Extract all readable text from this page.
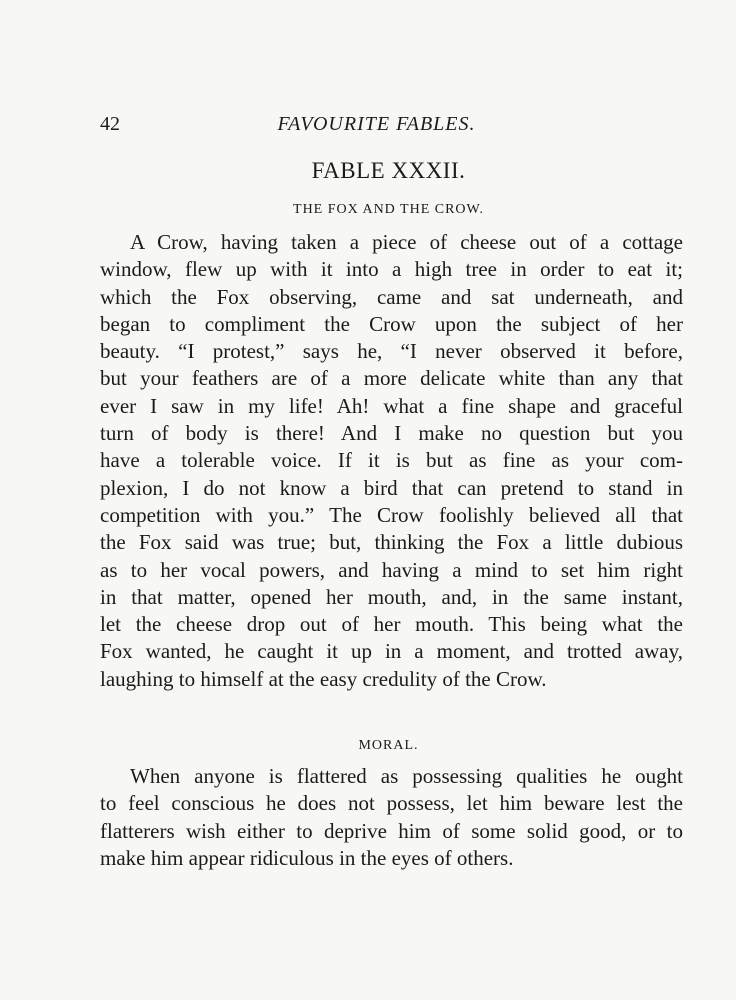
42	FAVOURITE FABLES.
FABLE XXXII.
THE FOX AND THE CROW.
A Crow, having taken a piece of cheese out of a cottage
window, flew up with it into a high tree in order to eat it;
which the Fox observing, came and sat underneath, and
began to compliment the Crow upon the subject of her
beauty. “I protest,” says he, “I never observed it before,
but your feathers are of a more delicate white than any that
ever I saw in my life! Ah! what a fine shape and graceful
turn of body is there! And I make no question but you
have a tolerable voice. If it is but as fine as your com-
plexion, I do not know a bird that can pretend to stand in
competition with you.” The Crow foolishly believed all that
the Fox said was true; but, thinking the Fox a little dubious
as to her vocal powers, and having a mind to set him right
in that matter, opened her mouth, and, in the same instant,
let the cheese drop out of her mouth. This being what the
Fox wanted, he caught it up in a moment, and trotted away,
laughing to himself at the easy credulity of the Crow.
MORAL.
When anyone is flattered as possessing qualities he ought
to feel conscious he does not possess, let him beware lest the
flatterers wish either to deprive him of some solid good, or to
make him appear ridiculous in the eyes of others.
